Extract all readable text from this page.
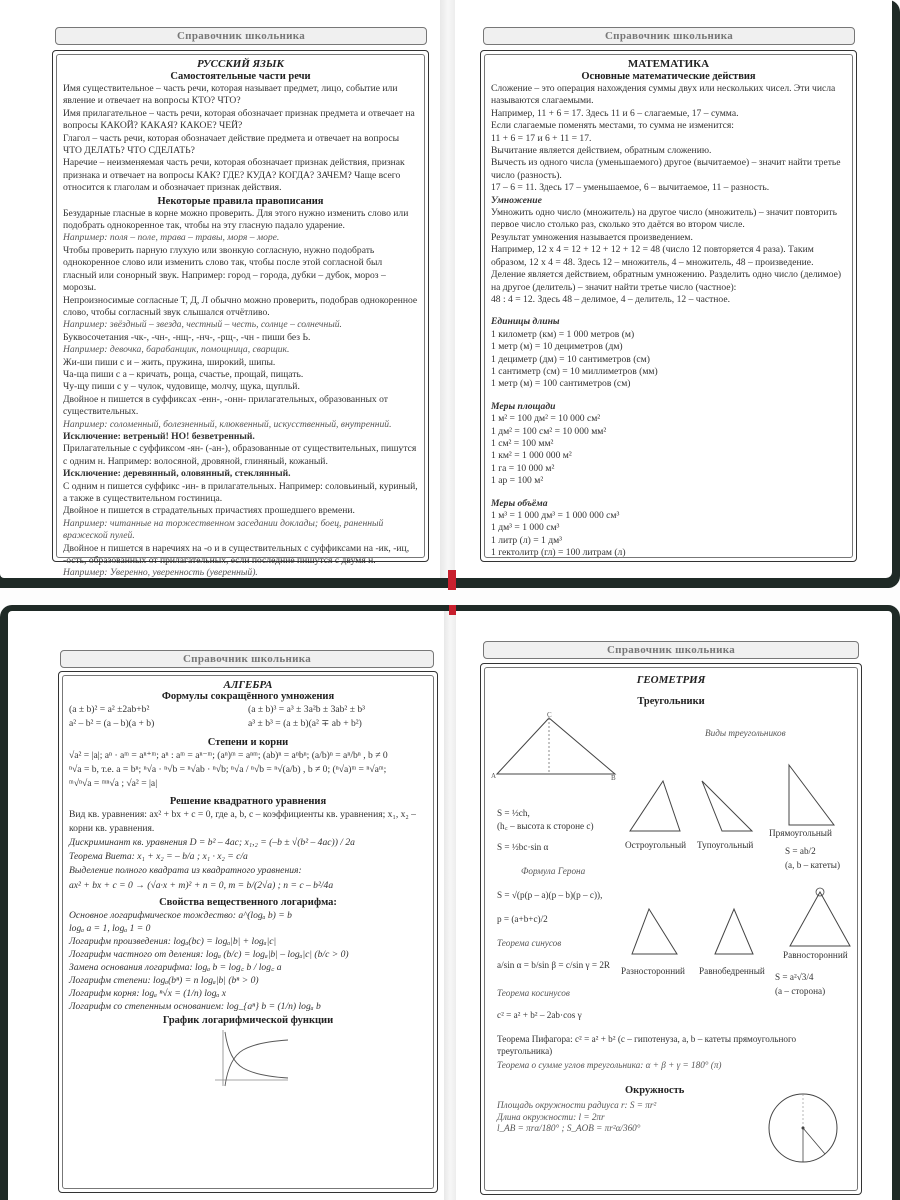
Справочник школьника
РУССКИЙ ЯЗЫК
Самостоятельные части речи

Имя существительное – часть речи, которая называет предмет, лицо, событие или явление и отвечает на вопросы КТО? ЧТО?

Имя прилагательное – часть речи, которая обозначает признак предмета и отвечает на вопросы КАКОЙ? КАКАЯ? КАКОЕ? ЧЕЙ?

Глагол – часть речи, которая обозначает действие предмета и отвечает на вопросы ЧТО ДЕЛАТЬ? ЧТО СДЕЛАТЬ?

Наречие – неизменяемая часть речи, которая обозначает признак действия, признак признака и отвечает на вопросы КАК? ГДЕ? КУДА? КОГДА? ЗАЧЕМ? Чаще всего относится к глаголам и обозначает признак действия.

Некоторые правила правописания

Безударные гласные в корне можно проверить. Для этого нужно изменить слово или подобрать однокоренное так, чтобы на эту гласную падало ударение.

Например: поля – поле, трава – травы, моря – море.

Чтобы проверить парную глухую или звонкую согласную, нужно подобрать однокоренное слово или изменить слово так, чтобы после этой согласной был гласный или сонорный звук. Например: город – города, дубки – дубок, мороз – морозы.

Непроизносимые согласные Т, Д, Л обычно можно проверить, подобрав однокоренное слово, чтобы согласный звук слышался отчётливо.

Например: звёздный – звезда, честный – честь, солнце – солнечный.

Буквосочетания -чк-, -чн-, -нщ-, -нч-, -рщ-, -чн - пиши без Ь.

Например: девочка, барабанщик, помощница, сварщик.

Жи-ши пиши с и – жить, пружина, широкий, шипы.

Ча-ща пиши с а – кричать, роща, счастье, прощай, пищать.

Чу-щу пиши с у – чулок, чудовище, молчу, щука, щупльй.

Двойное н пишется в суффиксах -енн-, -онн- прилагательных, образованных от существительных.

Например: соломенный, болезненный, клюквенный, искусственный, внутренний.

Исключение: ветреный! НО! безветренный.

Прилагательные с суффиксом -ян- (-ан-), образованные от существительных, пишутся с одним н. Например: волосяной, дровяной, глиняный, кожаный.

Исключение: деревянный, оловянный, стеклянный.

С одним н пишется суффикс -ин- в прилагательных. Например: соловьиный, куриный, а также в существительном гостиница.

Двойное н пишется в страдательных причастиях прошедшего времени.

Например: читанные на торжественном заседании доклады; боец, раненный вражеской пулей.

Двойное н пишется в наречиях на -о и в существительных с суффиксами на -ик, -иц, -ость, образованных от прилагательных, если последние пишутся с двумя н.

Например: Уверенно, уверенность (уверенный).

Справочник школьника
МАТЕМАТИКА
Основные математические действия

Сложение – это операция нахождения суммы двух или нескольких чисел. Эти числа называются слагаемыми.

Например, 11 + 6 = 17. Здесь 11 и 6 – слагаемые, 17 – сумма.

Если слагаемые поменять местами, то сумма не изменится:

11 + 6 = 17 и 6 + 11 = 17.

Вычитание является действием, обратным сложению.

Вычесть из одного числа (уменьшаемого) другое (вычитаемое) – значит найти третье число (разность).

17 – 6 = 11. Здесь 17 – уменьшаемое, 6 – вычитаемое, 11 – разность.

Умножение

Умножить одно число (множитель) на другое число (множитель) – значит повторить первое число столько раз, сколько это даётся во втором числе.

Результат умножения называется произведением.

Например, 12 х 4 = 12 + 12 + 12 + 12 = 48 (число 12 повторяется 4 раза). Таким образом, 12 х 4 = 48. Здесь 12 – множитель, 4 – множитель, 48 – произведение.

Деление является действием, обратным умножению. Разделить одно число (делимое) на другое (делитель) – значит найти третье число (частное):

48 : 4 = 12. Здесь 48 – делимое, 4 – делитель, 12 – частное.

Единицы длины

1 километр (км) = 1 000 метров (м)

1 метр (м) = 10 дециметров (дм)

1 дециметр (дм) = 10 сантиметров (см)

1 сантиметр (см) = 10 миллиметров (мм)

1 метр (м) = 100 сантиметров (см)

Меры площади

1 м² = 100 дм² = 10 000 см²

1 дм² = 100 см² = 10 000 мм²

1 см² = 100 мм²

1 км² = 1 000 000 м²

1 га = 10 000 м²

1 ар = 100 м²

Меры объёма

1 м³ = 1 000 дм³ = 1 000 000 см³

1 дм³ = 1 000 см³

1 литр (л) = 1 дм³

1 гектолитр (гл) = 100 литрам (л)

Справочник школьника
АЛГЕБРА
Формулы сокращённого умножения
(a ± b)² = a² ±2ab+b²	(a ± b)³ = a³ ± 3a²b ± 3ab² ± b³
a² – b² = (a – b)(a + b)	a³ ± b³ = (a ± b)(a² ∓ ab + b²)
Степени и корни

√a² = |a|; aⁿ · aᵐ = aⁿ⁺ᵐ; aⁿ : aᵐ = aⁿ⁻ᵐ; (aⁿ)ᵐ = aⁿᵐ; (ab)ⁿ = aⁿbⁿ; (a/b)ⁿ = aⁿ/bⁿ , b ≠ 0

ⁿ√a = b, т.е. a = bⁿ; ⁿ√a · ⁿ√b = ⁿ√ab · ⁿ√b; ⁿ√a / ⁿ√b = ⁿ√(a/b) , b ≠ 0; (ⁿ√a)ᵐ = ⁿ√aᵐ;

ᵐ√ⁿ√a = ᵐⁿ√a ; √a² = |a|

Решение квадратного уравнения

Вид кв. уравнения: ax² + bx + c = 0, где a, b, c – коэффициенты кв. уравнения; x₁, x₂ – корни кв. уравнения.

Дискриминант кв. уравнения D = b² – 4ac; x₁,₂ = (–b ± √(b² – 4ac)) / 2a

Теорема Виета: x₁ + x₂ = – b/a ; x₁ · x₂ = c/a

Выделение полного квадрата из квадратного уравнения:

ax² + bx + c = 0 → (√a·x + m)² + n = 0, m = b/(2√a) ; n = c – b²/4a

Свойства вещественного логарифма:

Основное логарифмическое тождество: a^(logₐ b) = b

logₐ a = 1, logₐ 1 = 0

Логарифм произведения: logₐ(bc) = logₐ|b| + logₐ|c|

Логарифм частного от деления: logₐ (b/c) = logₐ|b| – logₐ|c| (b/c > 0)

Замена основания логарифма: logₐ b = log꜀ b / log꜀ a

Логарифм степени: logₐ(bⁿ) = n logₐ|b| (bⁿ > 0)

Логарифм корня: logₐ ⁿ√x = (1/n) logₐ x

Логарифм со степенным основанием: log_{aⁿ} b = (1/n) logₐ b

График логарифмической функции
Справочник школьника
ГЕОМЕТРИЯ
Треугольники
A
C
B
Виды треугольников
Остроугольный Тупоугольный
Прямоугольный
S = ½ch,
(h꜀ – высота к стороне c)
S = ½bc·sin α	S = ab/2
(a, b – катеты)
Формула Герона
S = √(p(p – a)(p – b)(p – c)),
p = (a+b+c)/2
Теорема синусов
a/sin α = b/sin β = c/sin γ = 2R
Разносторонний Равнобедренный
Равносторонний
S = a²√3/4
(a – сторона)
Теорема косинусов
c² = a² + b² – 2ab·cos γ
Теорема Пифагора: c² = a² + b² (c – гипотенуза, a, b – катеты прямоугольного треугольника)
Теорема о сумме углов треугольника: α + β + γ = 180° (π)
Окружность

Площадь окружности радиуса r: S = πr²

Длина окружности: l = 2πr

l_AB = πrα/180° ; S_AOB = πr²α/360°
